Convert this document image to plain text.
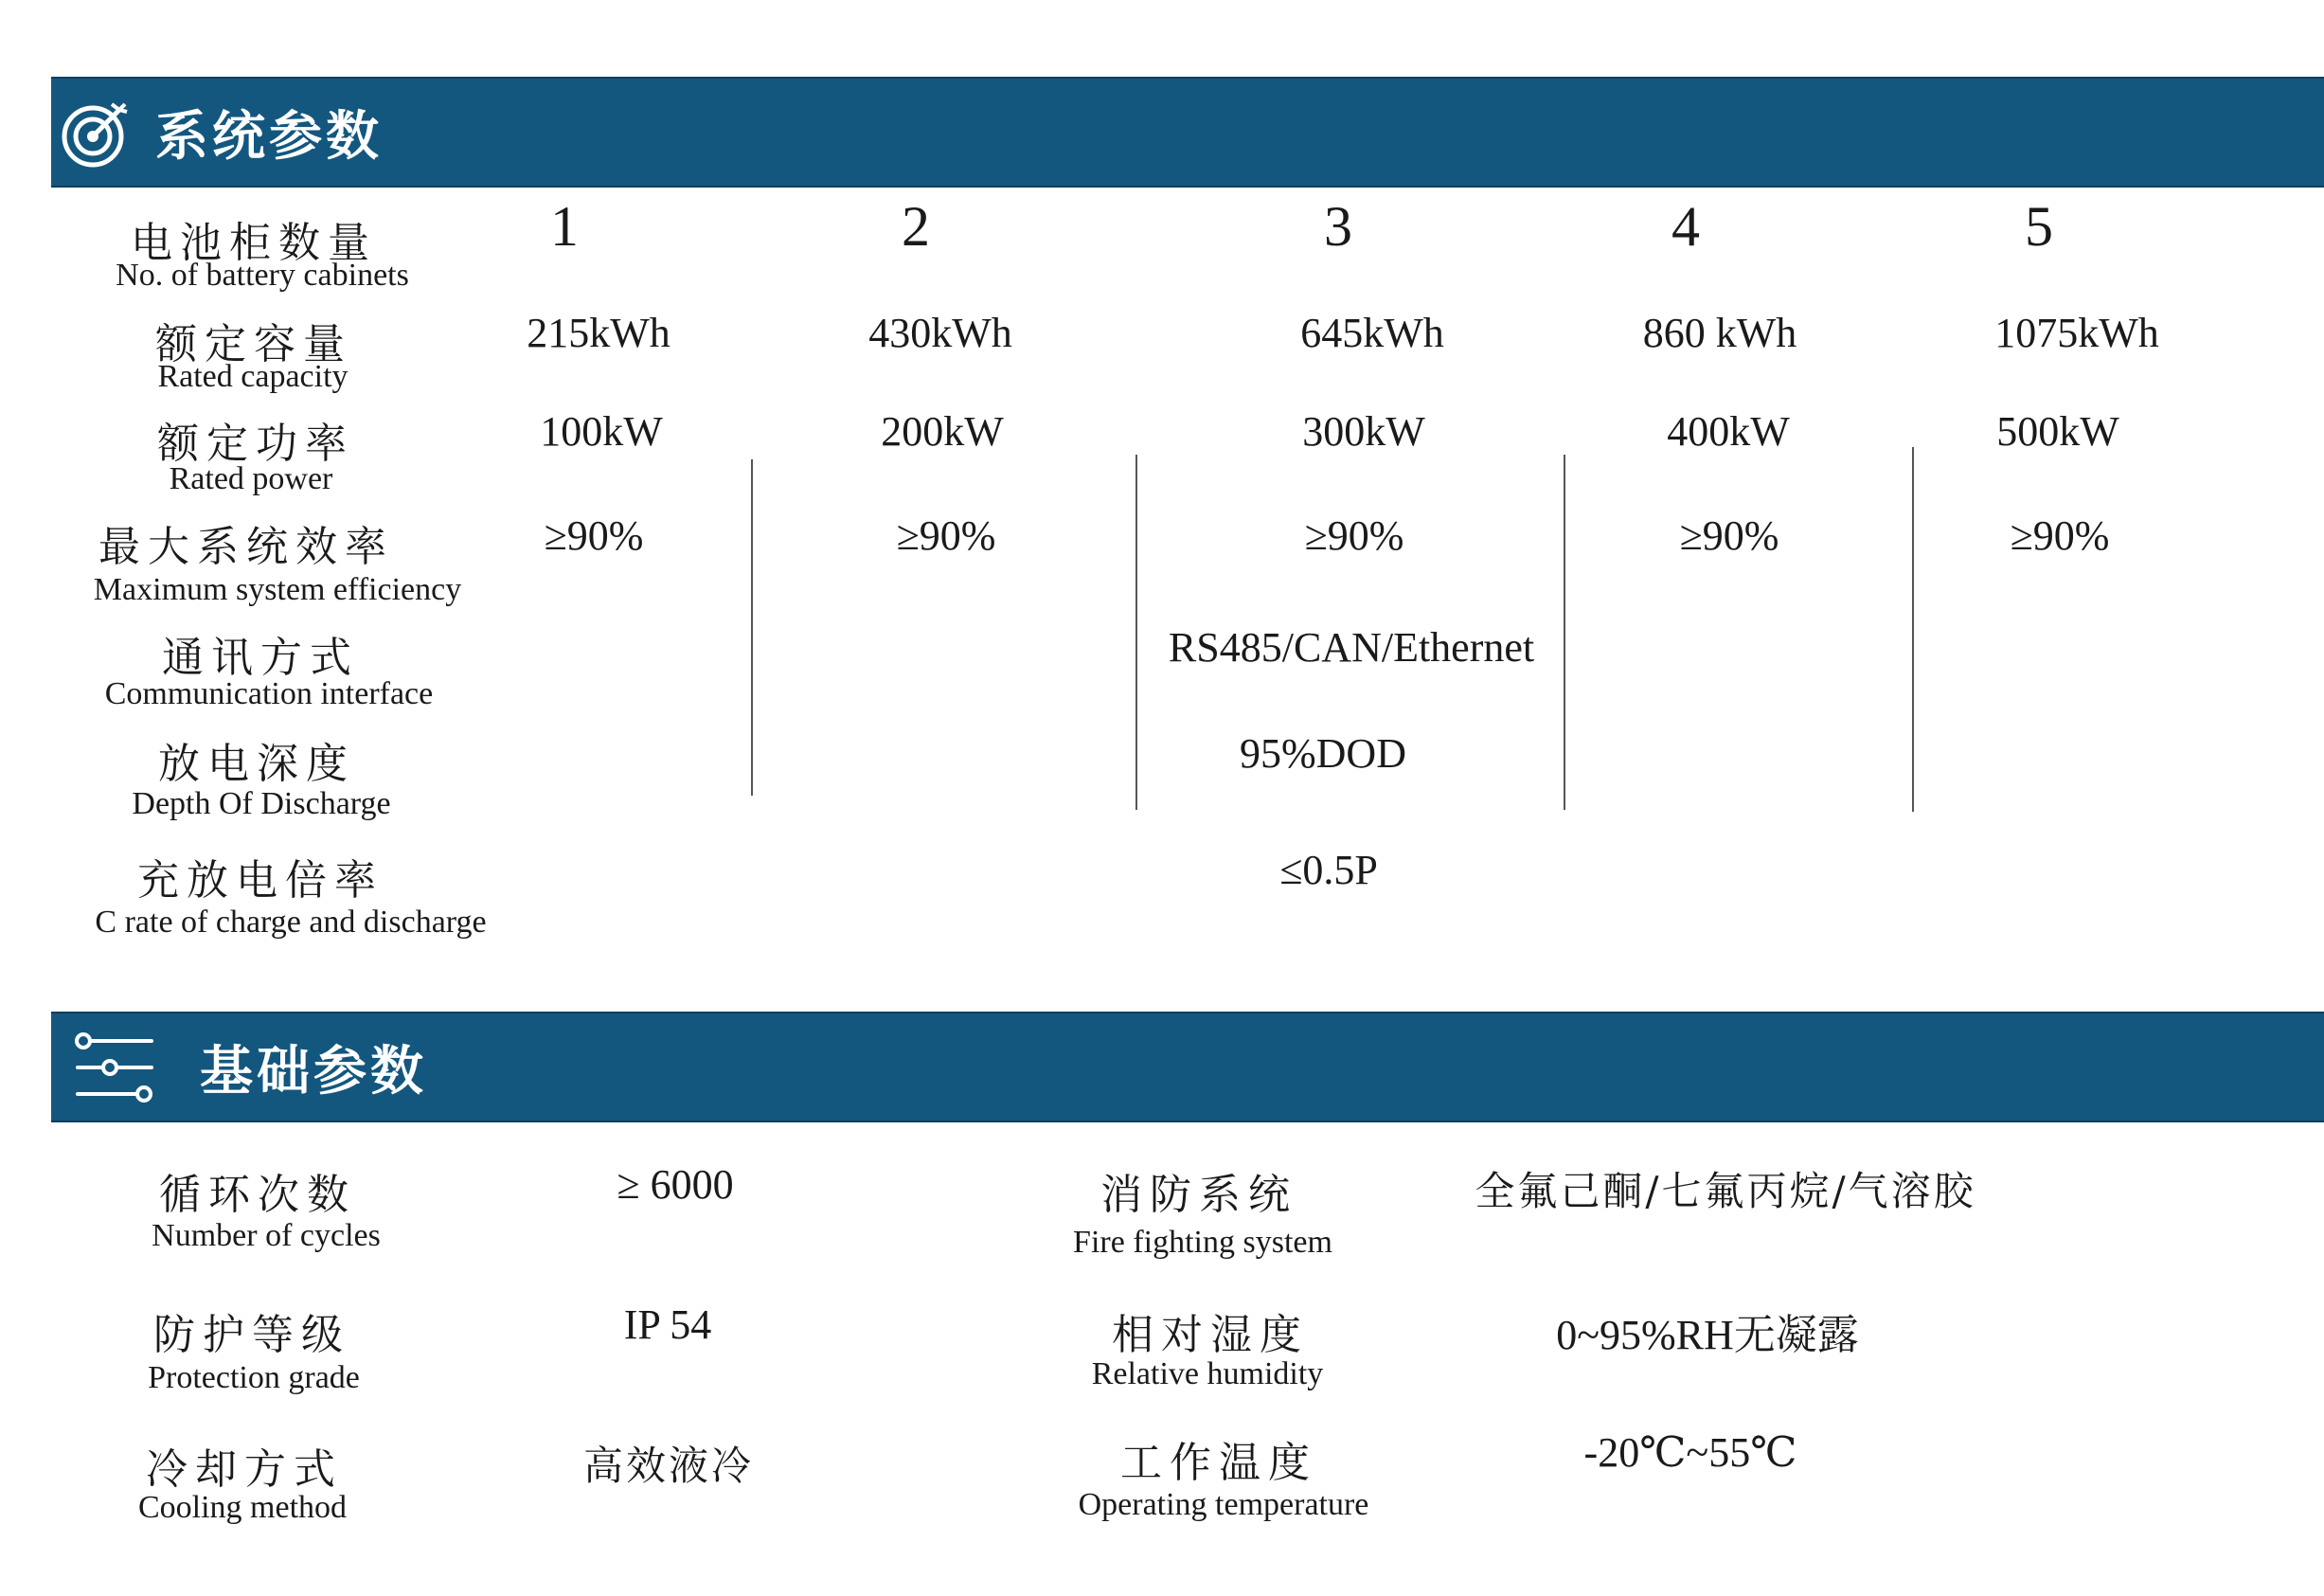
系统参数
电池柜数量
No. of battery cabinets
1	2	3	4	5
额定容量
Rated capacity
215kWh	430kWh	645kWh	860 kWh	1075kWh
额定功率
Rated power
100kW	200kW	300kW	400kW	500kW
最大系统效率
Maximum system efficiency
≥90%	≥90%	≥90%	≥90%	≥90%
通讯方式
Communication interface
RS485/CAN/Ethernet
放电深度
Depth Of Discharge
95%DOD
充放电倍率
C rate of charge and discharge
≤0.5P
基础参数
循环次数
Number of cycles
≥ 6000
防护等级
Protection grade
IP 54
冷却方式
Cooling method
高效液冷
消防系统
Fire fighting system
全氟己酮/七氟丙烷/气溶胶
相对湿度
Relative humidity
0~95%RH无凝露
工作温度
Operating temperature
-20℃~55℃
